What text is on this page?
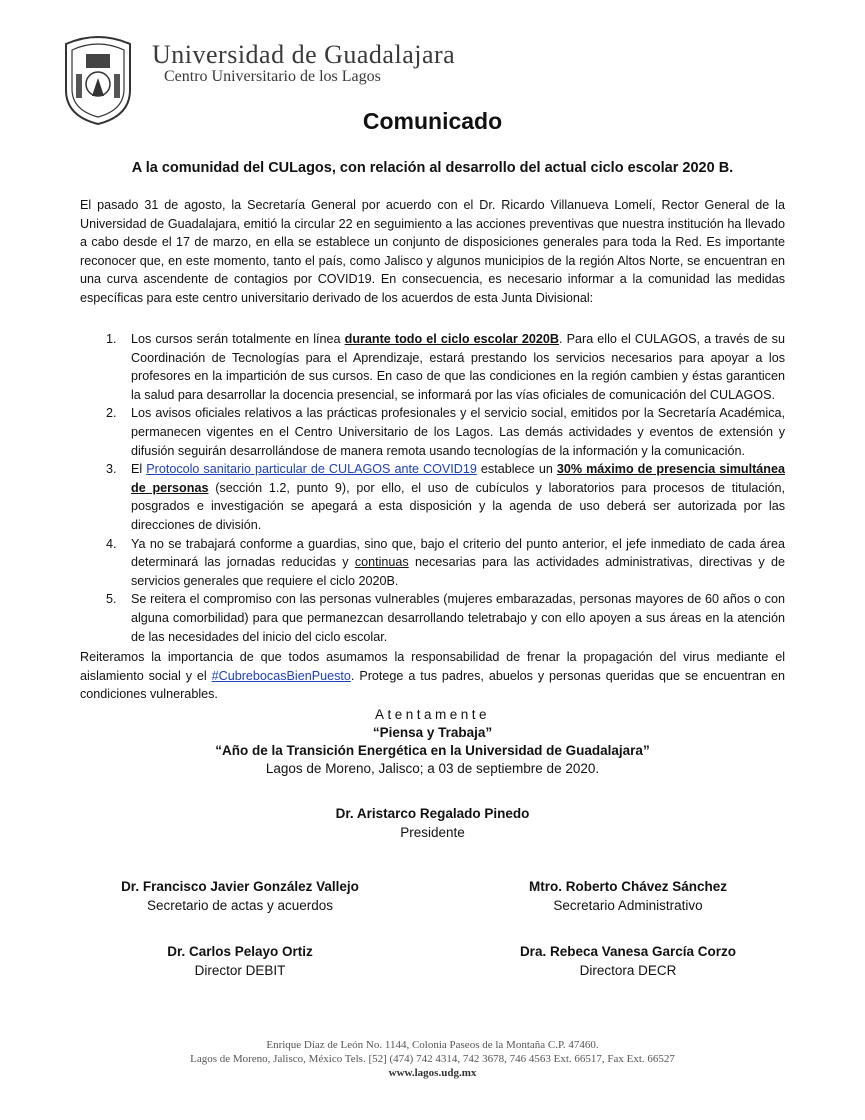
Universidad de Guadalajara
Centro Universitario de los Lagos
Comunicado
A la comunidad del CULagos, con relación al desarrollo del actual ciclo escolar 2020 B.
El pasado 31 de agosto, la Secretaría General por acuerdo con el Dr. Ricardo Villanueva Lomelí, Rector General de la Universidad de Guadalajara, emitió la circular 22 en seguimiento a las acciones preventivas que nuestra institución ha llevado a cabo desde el 17 de marzo, en ella se establece un conjunto de disposiciones generales para toda la Red. Es importante reconocer que, en este momento, tanto el país, como Jalisco y algunos municipios de la región Altos Norte, se encuentran en una curva ascendente de contagios por COVID19. En consecuencia, es necesario informar a la comunidad las medidas específicas para este centro universitario derivado de los acuerdos de esta Junta Divisional:
1. Los cursos serán totalmente en línea durante todo el ciclo escolar 2020B. Para ello el CULAGOS, a través de su Coordinación de Tecnologías para el Aprendizaje, estará prestando los servicios necesarios para apoyar a los profesores en la impartición de sus cursos. En caso de que las condiciones en la región cambien y éstas garanticen la salud para desarrollar la docencia presencial, se informará por las vías oficiales de comunicación del CULAGOS.
2. Los avisos oficiales relativos a las prácticas profesionales y el servicio social, emitidos por la Secretaría Académica, permanecen vigentes en el Centro Universitario de los Lagos. Las demás actividades y eventos de extensión y difusión seguirán desarrollándose de manera remota usando tecnologías de la información y la comunicación.
3. El Protocolo sanitario particular de CULAGOS ante COVID19 establece un 30% máximo de presencia simultánea de personas (sección 1.2, punto 9), por ello, el uso de cubículos y laboratorios para procesos de titulación, posgrados e investigación se apegará a esta disposición y la agenda de uso deberá ser autorizada por las direcciones de división.
4. Ya no se trabajará conforme a guardias, sino que, bajo el criterio del punto anterior, el jefe inmediato de cada área determinará las jornadas reducidas y continuas necesarias para las actividades administrativas, directivas y de servicios generales que requiere el ciclo 2020B.
5. Se reitera el compromiso con las personas vulnerables (mujeres embarazadas, personas mayores de 60 años o con alguna comorbilidad) para que permanezcan desarrollando teletrabajo y con ello apoyen a sus áreas en la atención de las necesidades del inicio del ciclo escolar.
Reiteramos la importancia de que todos asumamos la responsabilidad de frenar la propagación del virus mediante el aislamiento social y el #CubrebocasBienPuesto. Protege a tus padres, abuelos y personas queridas que se encuentran en condiciones vulnerables.
Atentamente
“Piensa y Trabaja”
“Año de la Transición Energética en la Universidad de Guadalajara”
Lagos de Moreno, Jalisco; a 03 de septiembre de 2020.
Dr. Aristarco Regalado Pinedo
Presidente
Dr. Francisco Javier González Vallejo
Secretario de actas y acuerdos
Mtro. Roberto Chávez Sánchez
Secretario Administrativo
Dr. Carlos Pelayo Ortiz
Director DEBIT
Dra. Rebeca Vanesa García Corzo
Directora DECR
Enrique Díaz de León No. 1144, Colonia Paseos de la Montaña C.P. 47460.
Lagos de Moreno, Jalisco, México Tels. [52] (474) 742 4314, 742 3678, 746 4563 Ext. 66517, Fax Ext. 66527
www.lagos.udg.mx
